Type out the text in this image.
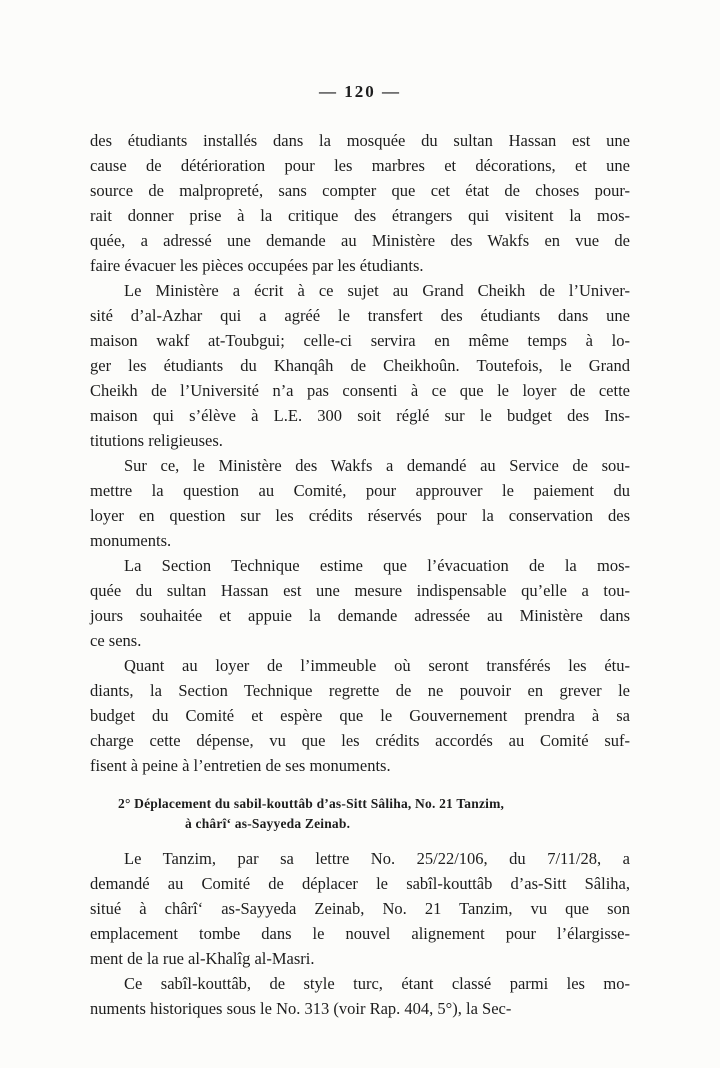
— 120 —
des étudiants installés dans la mosquée du sultan Hassan est une
cause de détérioration pour les marbres et décorations, et une
source de malpropreté, sans compter que cet état de choses pour-
rait donner prise à la critique des étrangers qui visitent la mos-
quée, a adressé une demande au Ministère des Wakfs en vue de
faire évacuer les pièces occupées par les étudiants.
Le Ministère a écrit à ce sujet au Grand Cheikh de l’Univer-
sité d’al-Azhar qui a agréé le transfert des étudiants dans une
maison wakf at-Toubgui; celle-ci servira en même temps à lo-
ger les étudiants du Khanqâh de Cheikhoûn. Toutefois, le Grand
Cheikh de l’Université n’a pas consenti à ce que le loyer de cette
maison qui s’élève à L.E. 300 soit réglé sur le budget des Ins-
titutions religieuses.
Sur ce, le Ministère des Wakfs a demandé au Service de sou-
mettre la question au Comité, pour approuver le paiement du
loyer en question sur les crédits réservés pour la conservation des
monuments.
La Section Technique estime que l’évacuation de la mos-
quée du sultan Hassan est une mesure indispensable qu’elle a tou-
jours souhaitée et appuie la demande adressée au Ministère dans
ce sens.
Quant au loyer de l’immeuble où seront transférés les étu-
diants, la Section Technique regrette de ne pouvoir en grever le
budget du Comité et espère que le Gouvernement prendra à sa
charge cette dépense, vu que les crédits accordés au Comité suf-
fisent à peine à l’entretien de ses monuments.
2° Déplacement du sabil-kouttâb d’as-Sitt Sâliha, No. 21 Tanzim,
à chârî‘ as-Sayyeda Zeinab.
Le Tanzim, par sa lettre No. 25/22/106, du 7/11/28, a
demandé au Comité de déplacer le sabîl-kouttâb d’as-Sitt Sâliha,
situé à chârî‘ as-Sayyeda Zeinab, No. 21 Tanzim, vu que son
emplacement tombe dans le nouvel alignement pour l’élargisse-
ment de la rue al-Khalîg al-Masri.
Ce sabîl-kouttâb, de style turc, étant classé parmi les mo-
numents historiques sous le No. 313 (voir Rap. 404, 5°), la Sec-
